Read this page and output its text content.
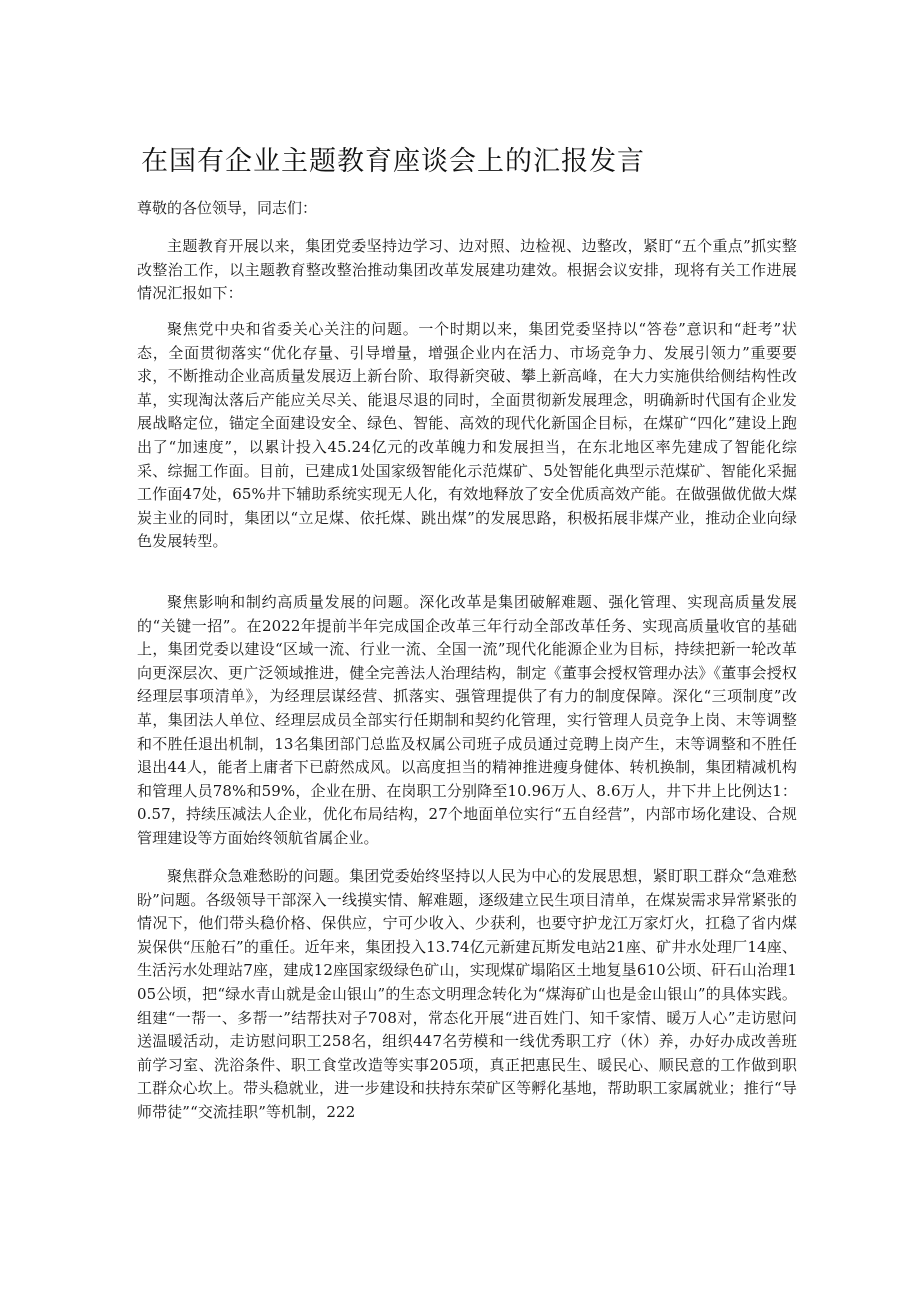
在国有企业主题教育座谈会上的汇报发言

尊敬的各位领导，同志们：

主题教育开展以来，集团党委坚持边学习、边对照、边检视、边整改，紧盯“五个重点”抓实整改整治工作，以主题教育整改整治推动集团改革发展建功建效。根据会议安排，现将有关工作进展情况汇报如下：

聚焦党中央和省委关心关注的问题。一个时期以来，集团党委坚持以“答卷”意识和“赶考”状态，全面贯彻落实“优化存量、引导增量，增强企业内在活力、市场竞争力、发展引领力”重要要求，不断推动企业高质量发展迈上新台阶、取得新突破、攀上新高峰，在大力实施供给侧结构性改革，实现淘汰落后产能应关尽关、能退尽退的同时，全面贯彻新发展理念，明确新时代国有企业发展战略定位，锚定全面建设安全、绿色、智能、高效的现代化新国企目标，在煤矿“四化”建设上跑出了“加速度”，以累计投入45.24亿元的改革魄力和发展担当，在东北地区率先建成了智能化综采、综掘工作面。目前，已建成1处国家级智能化示范煤矿、5处智能化典型示范煤矿、智能化采掘工作面47处，65%井下辅助系统实现无人化，有效地释放了安全优质高效产能。在做强做优做大煤炭主业的同时，集团以“立足煤、依托煤、跳出煤”的发展思路，积极拓展非煤产业，推动企业向绿色发展转型。

聚焦影响和制约高质量发展的问题。深化改革是集团破解难题、强化管理、实现高质量发展的“关键一招”。在2022年提前半年完成国企改革三年行动全部改革任务、实现高质量收官的基础上，集团党委以建设“区域一流、行业一流、全国一流”现代化能源企业为目标，持续把新一轮改革向更深层次、更广泛领域推进，健全完善法人治理结构，制定《董事会授权管理办法》《董事会授权经理层事项清单》，为经理层谋经营、抓落实、强管理提供了有力的制度保障。深化“三项制度”改革，集团法人单位、经理层成员全部实行任期制和契约化管理，实行管理人员竞争上岗、末等调整和不胜任退出机制，13名集团部门总监及权属公司班子成员通过竞聘上岗产生，末等调整和不胜任退出44人，能者上庸者下已蔚然成风。以高度担当的精神推进瘦身健体、转机换制，集团精减机构和管理人员78%和59%，企业在册、在岗职工分别降至10.96万人、8.6万人，井下井上比例达1：0.57，持续压减法人企业，优化布局结构，27个地面单位实行“五自经营”，内部市场化建设、合规管理建设等方面始终领航省属企业。

聚焦群众急难愁盼的问题。集团党委始终坚持以人民为中心的发展思想，紧盯职工群众“急难愁盼”问题。各级领导干部深入一线摸实情、解难题，逐级建立民生项目清单，在煤炭需求异常紧张的情况下，他们带头稳价格、保供应，宁可少收入、少获利，也要守护龙江万家灯火，扛稳了省内煤炭保供“压舱石”的重任。近年来，集团投入13.74亿元新建瓦斯发电站21座、矿井水处理厂14座、生活污水处理站7座，建成12座国家级绿色矿山，实现煤矿塌陷区土地复垦610公顷、矸石山治理105公顷，把“绿水青山就是金山银山”的生态文明理念转化为“煤海矿山也是金山银山”的具体实践。组建“一帮一、多帮一”结帮扶对子708对，常态化开展“进百姓门、知千家情、暖万人心”走访慰问送温暖活动，走访慰问职工258名，组织447名劳模和一线优秀职工疗（休）养，办好办成改善班前学习室、洗浴条件、职工食堂改造等实事205项，真正把惠民生、暖民心、顺民意的工作做到职工群众心坎上。带头稳就业，进一步建设和扶持东荣矿区等孵化基地，帮助职工家属就业；推行“导师带徒”“交流挂职”等机制，222
